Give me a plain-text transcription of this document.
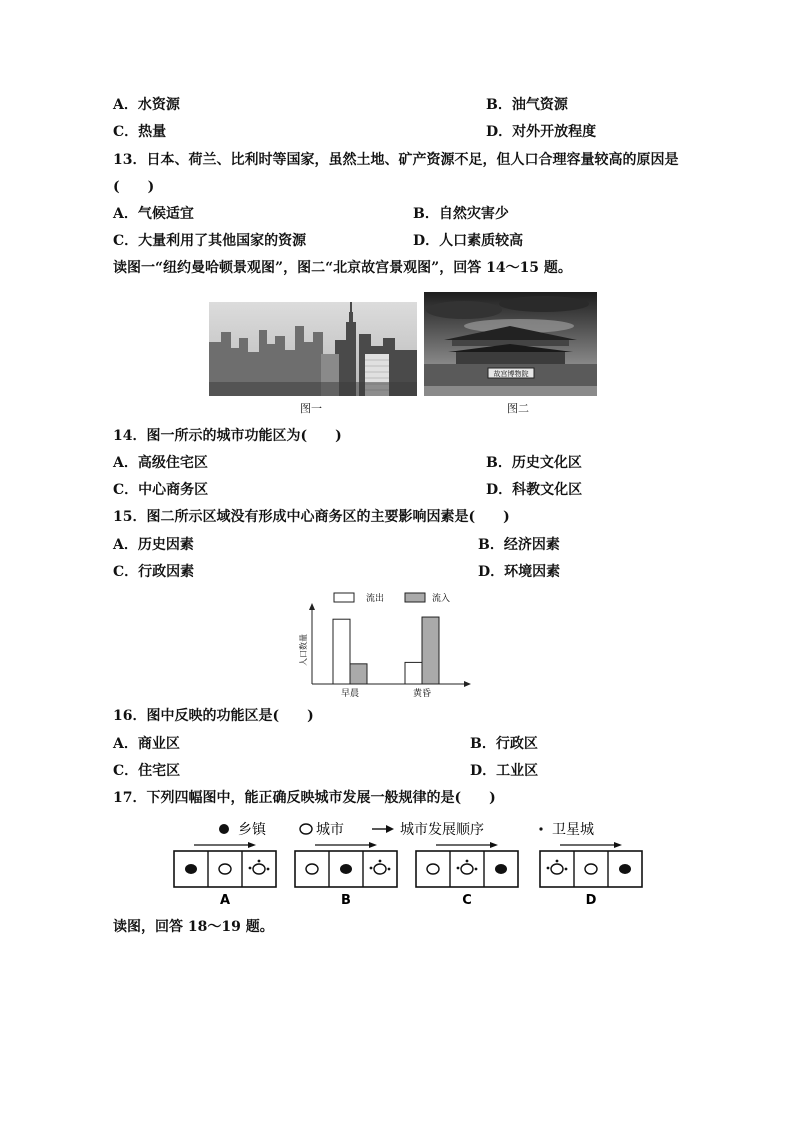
A．水资源	B．油气资源
C．热量	D．对外开放程度
13．日本、荷兰、比利时等国家，虽然土地、矿产资源不足，但人口合理容量较高的原因是
(　　)
A．气候适宜	B．自然灾害少
C．大量利用了其他国家的资源	D．人口素质较高
读图一“纽约曼哈顿景观图”，图二“北京故宫景观图”，回答 14～15 题。
图一
故宫博物院
图二
14．图一所示的城市功能区为(　　)
A．高级住宅区	B．历史文化区
C．中心商务区	D．科教文化区
15．图二所示区域没有形成中心商务区的主要影响因素是(　　)
A．历史因素	B．经济因素
C．行政因素	D．环境因素
流出	流入
人口数量
早晨	黄昏
16．图中反映的功能区是(　　)
A．商业区	B．行政区
C．住宅区	D．工业区
17．下列四幅图中，能正确反映城市发展一般规律的是(　　)
乡镇	城市	城市发展顺序	卫星城
A	B	C	D
读图，回答 18～19 题。
